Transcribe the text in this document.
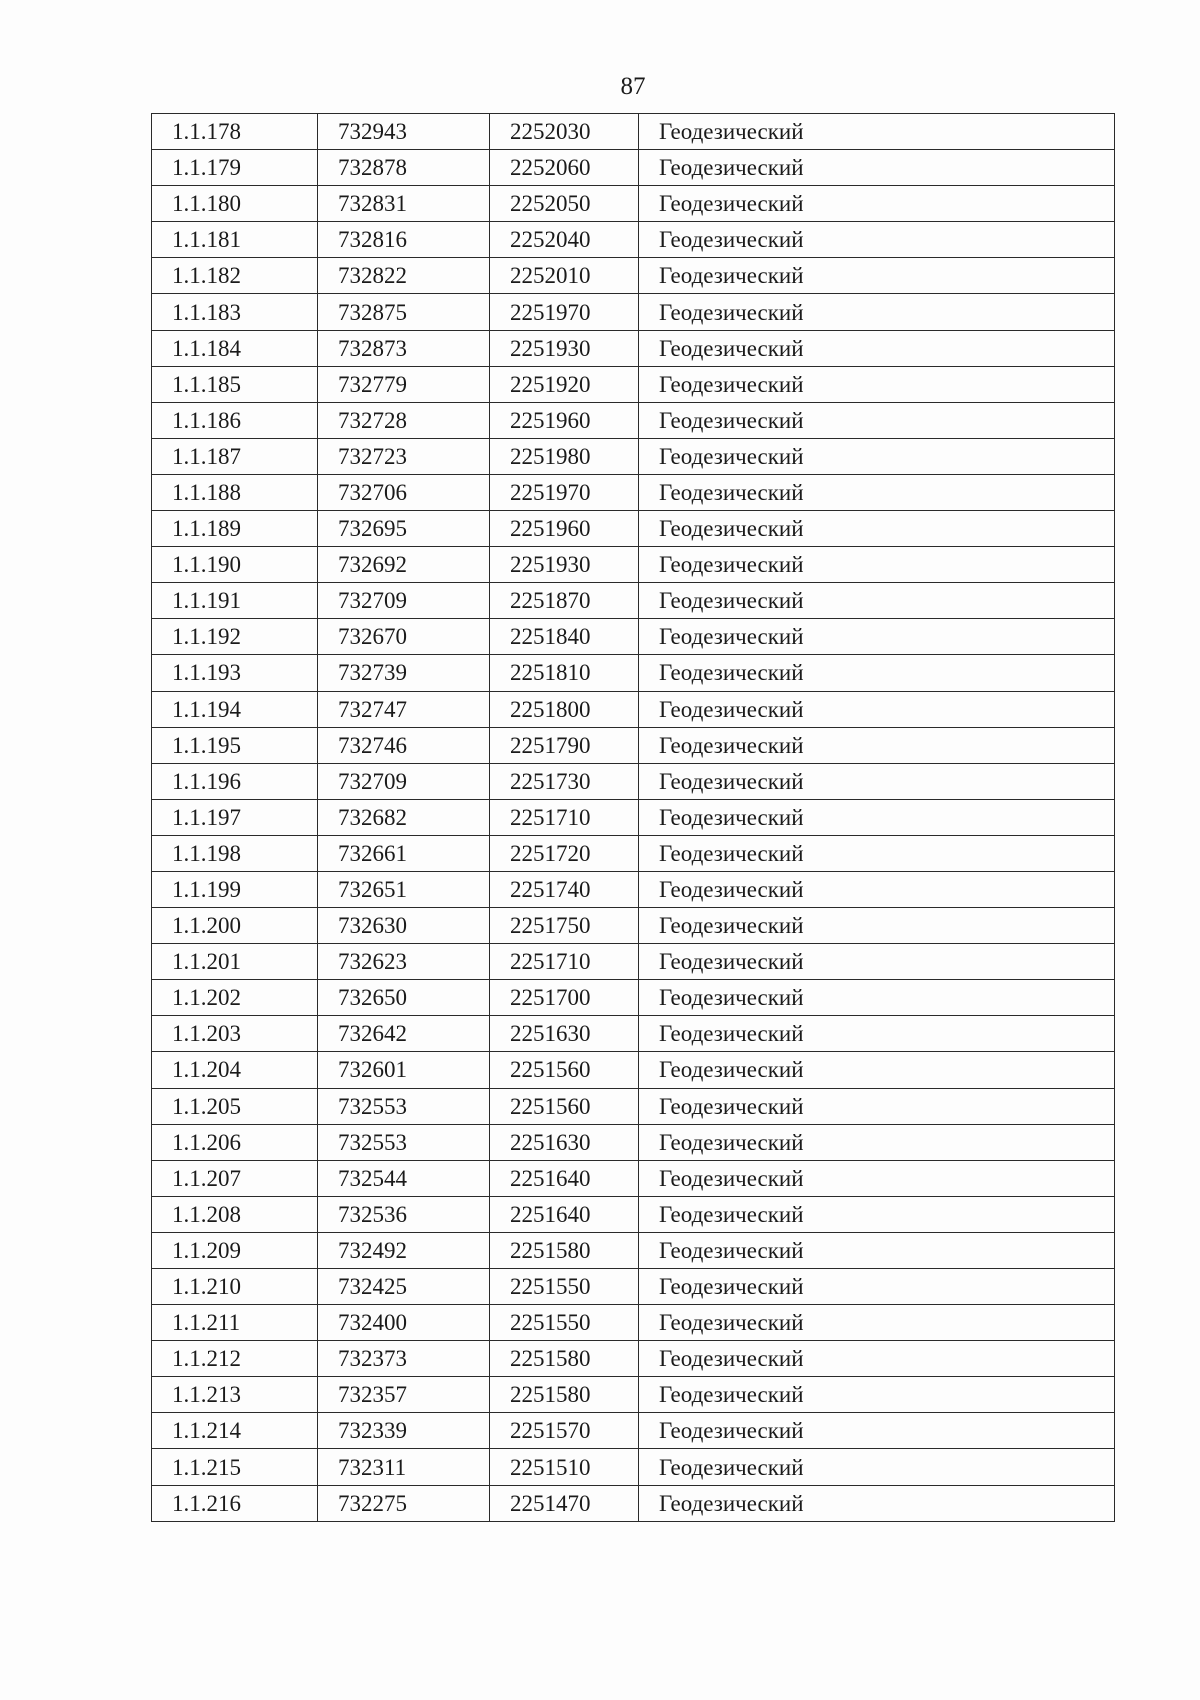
87
1.1.178	732943	2252030	Геодезический
1.1.179	732878	2252060	Геодезический
1.1.180	732831	2252050	Геодезический
1.1.181	732816	2252040	Геодезический
1.1.182	732822	2252010	Геодезический
1.1.183	732875	2251970	Геодезический
1.1.184	732873	2251930	Геодезический
1.1.185	732779	2251920	Геодезический
1.1.186	732728	2251960	Геодезический
1.1.187	732723	2251980	Геодезический
1.1.188	732706	2251970	Геодезический
1.1.189	732695	2251960	Геодезический
1.1.190	732692	2251930	Геодезический
1.1.191	732709	2251870	Геодезический
1.1.192	732670	2251840	Геодезический
1.1.193	732739	2251810	Геодезический
1.1.194	732747	2251800	Геодезический
1.1.195	732746	2251790	Геодезический
1.1.196	732709	2251730	Геодезический
1.1.197	732682	2251710	Геодезический
1.1.198	732661	2251720	Геодезический
1.1.199	732651	2251740	Геодезический
1.1.200	732630	2251750	Геодезический
1.1.201	732623	2251710	Геодезический
1.1.202	732650	2251700	Геодезический
1.1.203	732642	2251630	Геодезический
1.1.204	732601	2251560	Геодезический
1.1.205	732553	2251560	Геодезический
1.1.206	732553	2251630	Геодезический
1.1.207	732544	2251640	Геодезический
1.1.208	732536	2251640	Геодезический
1.1.209	732492	2251580	Геодезический
1.1.210	732425	2251550	Геодезический
1.1.211	732400	2251550	Геодезический
1.1.212	732373	2251580	Геодезический
1.1.213	732357	2251580	Геодезический
1.1.214	732339	2251570	Геодезический
1.1.215	732311	2251510	Геодезический
1.1.216	732275	2251470	Геодезический
